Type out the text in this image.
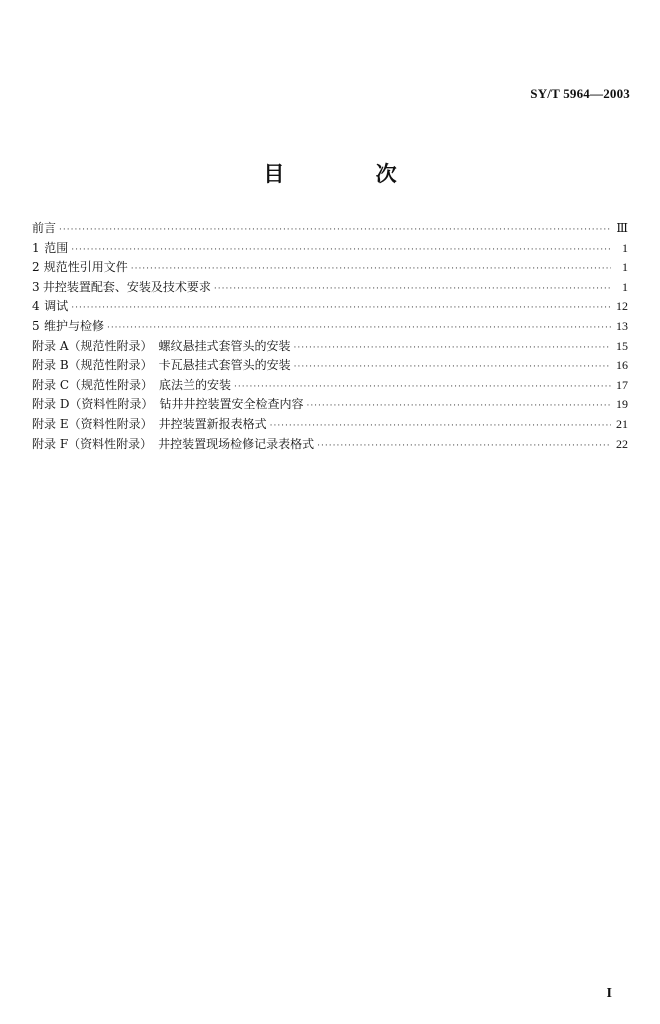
SY/T 5964—2003
目 次
前言 ·····	Ⅲ
1 范围 ·····	1
2 规范性引用文件 ·····	1
3 井控装置配套、安装及技术要求 ·····	1
4 调试 ·····	12
5 维护与检修 ·····	13
附录 A（规范性附录） 螺纹悬挂式套管头的安装 ·····	15
附录 B（规范性附录） 卡瓦悬挂式套管头的安装 ·····	16
附录 C（规范性附录） 底法兰的安装 ·····	17
附录 D（资料性附录） 钻井井控装置安全检查内容 ·····	19
附录 E（资料性附录） 井控装置新报表格式 ·····	21
附录 F（资料性附录） 井控装置现场检修记录表格式 ·····	22
I
